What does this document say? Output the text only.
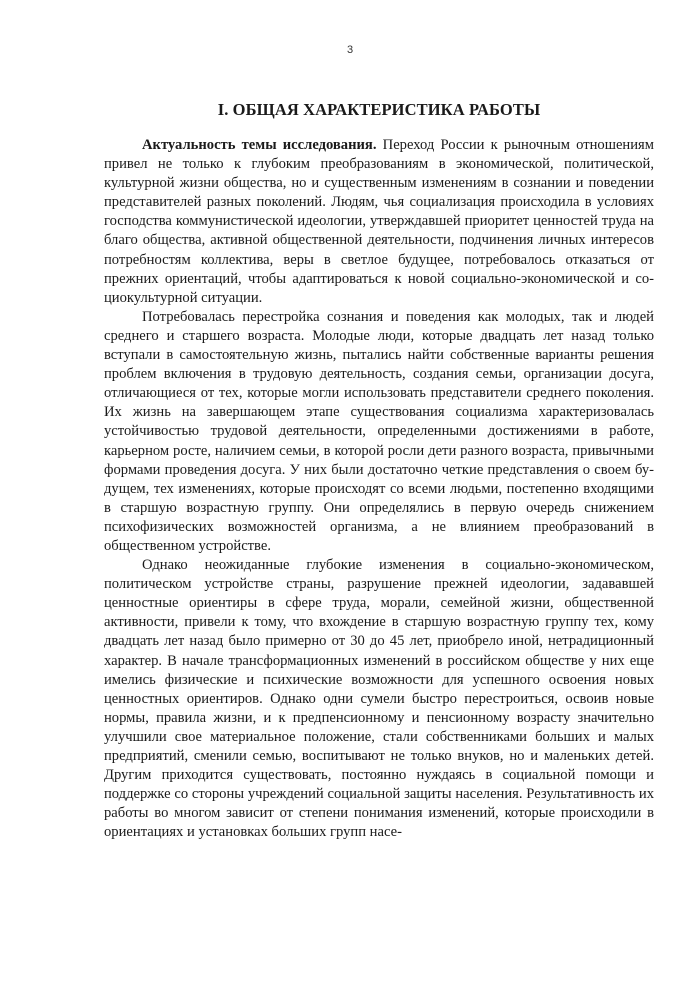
3
I. ОБЩАЯ ХАРАКТЕРИСТИКА РАБОТЫ

Актуальность темы исследования. Переход России к рыночным отношениям привел не только к глубоким преобразованиям в экономической, политической, культурной жизни общества, но и существенным изменениям в сознании и поведении представителей разных поколений. Людям, чья социализация происходила в условиях господства коммунистической идеологии, утверждавшей приоритет ценностей труда на благо общества, активной общественной деятельности, подчинения личных интересов потребностям коллектива, веры в светлое будущее, потребовалось отказаться от прежних ориентаций, чтобы адаптироваться к новой социально-экономической и социокультурной ситуации.

Потребовалась перестройка сознания и поведения как молодых, так и людей среднего и старшего возраста. Молодые люди, которые двадцать лет назад только вступали в самостоятельную жизнь, пытались найти собственные варианты решения проблем включения в трудовую деятельность, создания семьи, организации досуга, отличающиеся от тех, которые могли использовать представители среднего поколения. Их жизнь на завершающем этапе существования социализма характеризовалась устойчивостью трудовой деятельности, определенными достижениями в работе, карьерном росте, наличием семьи, в которой росли дети разного возраста, привычными формами проведения досуга. У них были достаточно четкие представления о своем будущем, тех изменениях, которые происходят со всеми людьми, постепенно входящими в старшую возрастную группу. Они определялись в первую очередь снижением психофизических возможностей организма, а не влиянием преобразований в общественном устройстве.

Однако неожиданные глубокие изменения в социально-экономическом, политическом устройстве страны, разрушение прежней идеологии, задававшей ценностные ориентиры в сфере труда, морали, семейной жизни, общественной активности, привели к тому, что вхождение в старшую возрастную группу тех, кому двадцать лет назад было примерно от 30 до 45 лет, приобрело иной, нетрадиционный характер. В начале трансформационных изменений в российском обществе у них еще имелись физические и психические возможности для успешного освоения новых ценностных ориентиров. Однако одни сумели быстро перестроиться, освоив новые нормы, правила жизни, и к предпенсионному и пенсионному возрасту значительно улучшили свое материальное положение, стали собственниками больших и малых предприятий, сменили семью, воспитывают не только внуков, но и маленьких детей. Другим приходится существовать, постоянно нуждаясь в социальной помощи и поддержке со стороны учреждений социальной защиты населения. Результативность их работы во многом зависит от степени понимания изменений, которые происходили в ориентациях и установках больших групп насе-
